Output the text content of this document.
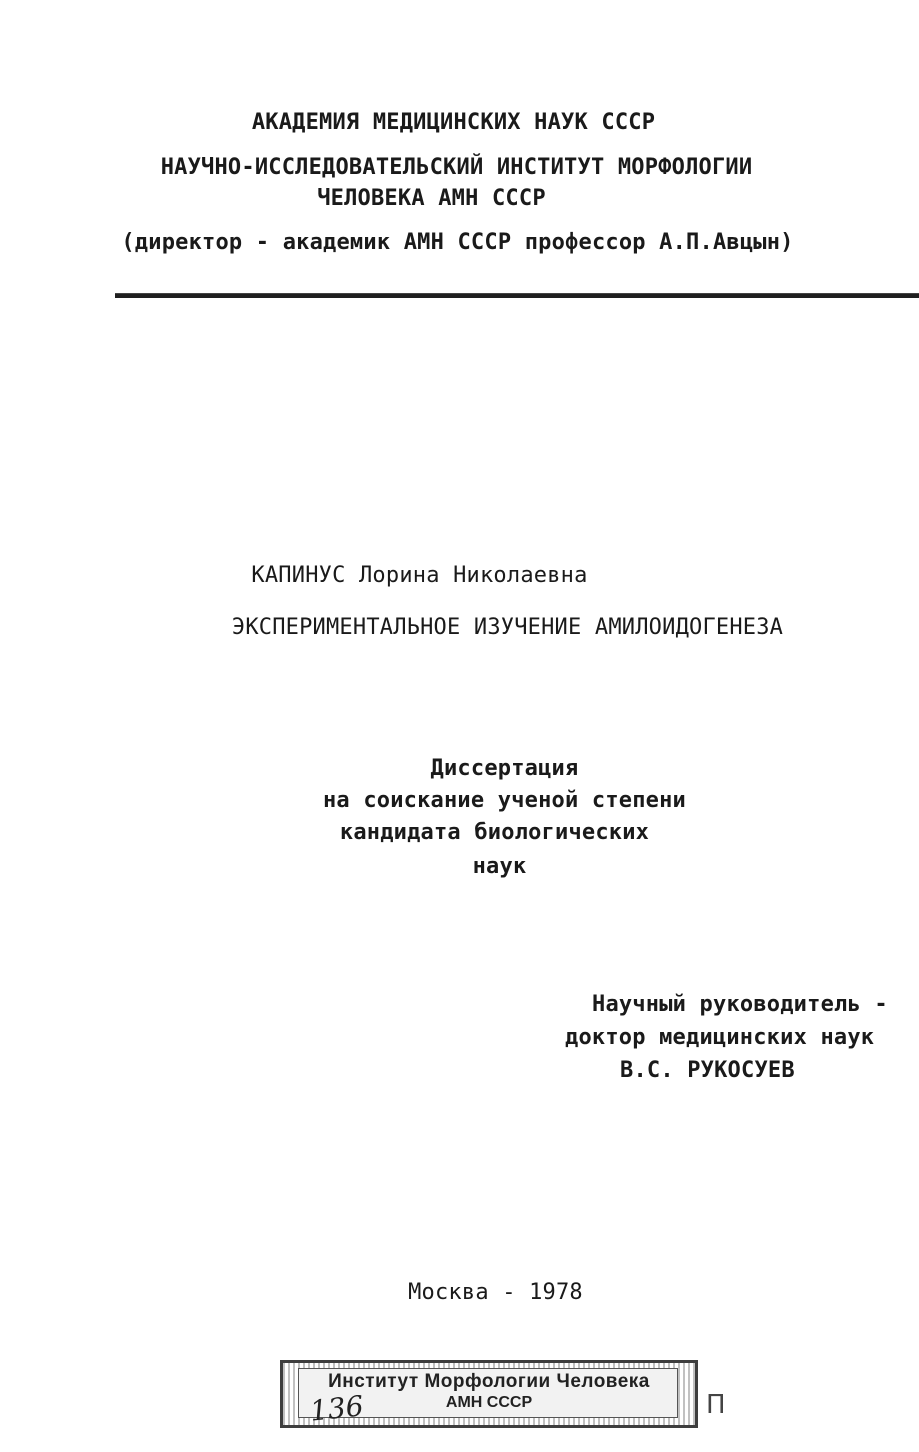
АКАДЕМИЯ МЕДИЦИНСКИХ НАУК СССР
НАУЧНО-ИССЛЕДОВАТЕЛЬСКИЙ ИНСТИТУТ МОРФОЛОГИИ
ЧЕЛОВЕКА АМН СССР
(директор - академик АМН СССР профессор А.П.Авцын)
КАПИНУС Лорина Николаевна
ЭКСПЕРИМЕНТАЛЬНОЕ ИЗУЧЕНИЕ АМИЛОИДОГЕНЕЗА
Диссертация
на соискание ученой степени
кандидата биологических
наук
Научный руководитель -
доктор медицинских наук
В.С. РУКОСУЕВ
Москва - 1978
Институт Морфологии Человека
АМН СССР
136	П
